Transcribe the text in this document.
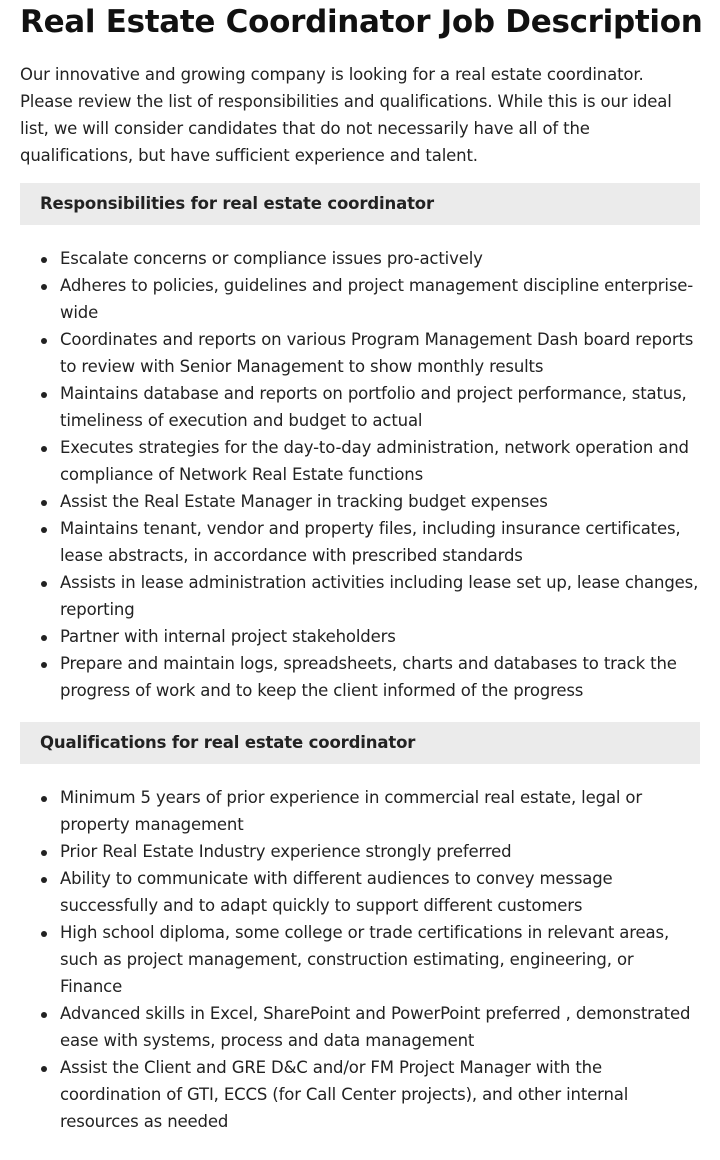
Real Estate Coordinator Job Description

Our innovative and growing company is looking for a real estate coordinator. Please review the list of responsibilities and qualifications. While this is our ideal list, we will consider candidates that do not necessarily have all of the qualifications, but have sufficient experience and talent.

Responsibilities for real estate coordinator
Escalate concerns or compliance issues pro-actively
Adheres to policies, guidelines and project management discipline enterprise-wide
Coordinates and reports on various Program Management Dash board reports to review with Senior Management to show monthly results
Maintains database and reports on portfolio and project performance, status, timeliness of execution and budget to actual
Executes strategies for the day-to-day administration, network operation and compliance of Network Real Estate functions
Assist the Real Estate Manager in tracking budget expenses
Maintains tenant, vendor and property files, including insurance certificates, lease abstracts, in accordance with prescribed standards
Assists in lease administration activities including lease set up, lease changes, reporting
Partner with internal project stakeholders
Prepare and maintain logs, spreadsheets, charts and databases to track the progress of work and to keep the client informed of the progress
Qualifications for real estate coordinator
Minimum 5 years of prior experience in commercial real estate, legal or property management
Prior Real Estate Industry experience strongly preferred
Ability to communicate with different audiences to convey message successfully and to adapt quickly to support different customers
High school diploma, some college or trade certifications in relevant areas, such as project management, construction estimating, engineering, or Finance
Advanced skills in Excel, SharePoint and PowerPoint preferred , demonstrated ease with systems, process and data management
Assist the Client and GRE D&C and/or FM Project Manager with the coordination of GTI, ECCS (for Call Center projects), and other internal resources as needed
